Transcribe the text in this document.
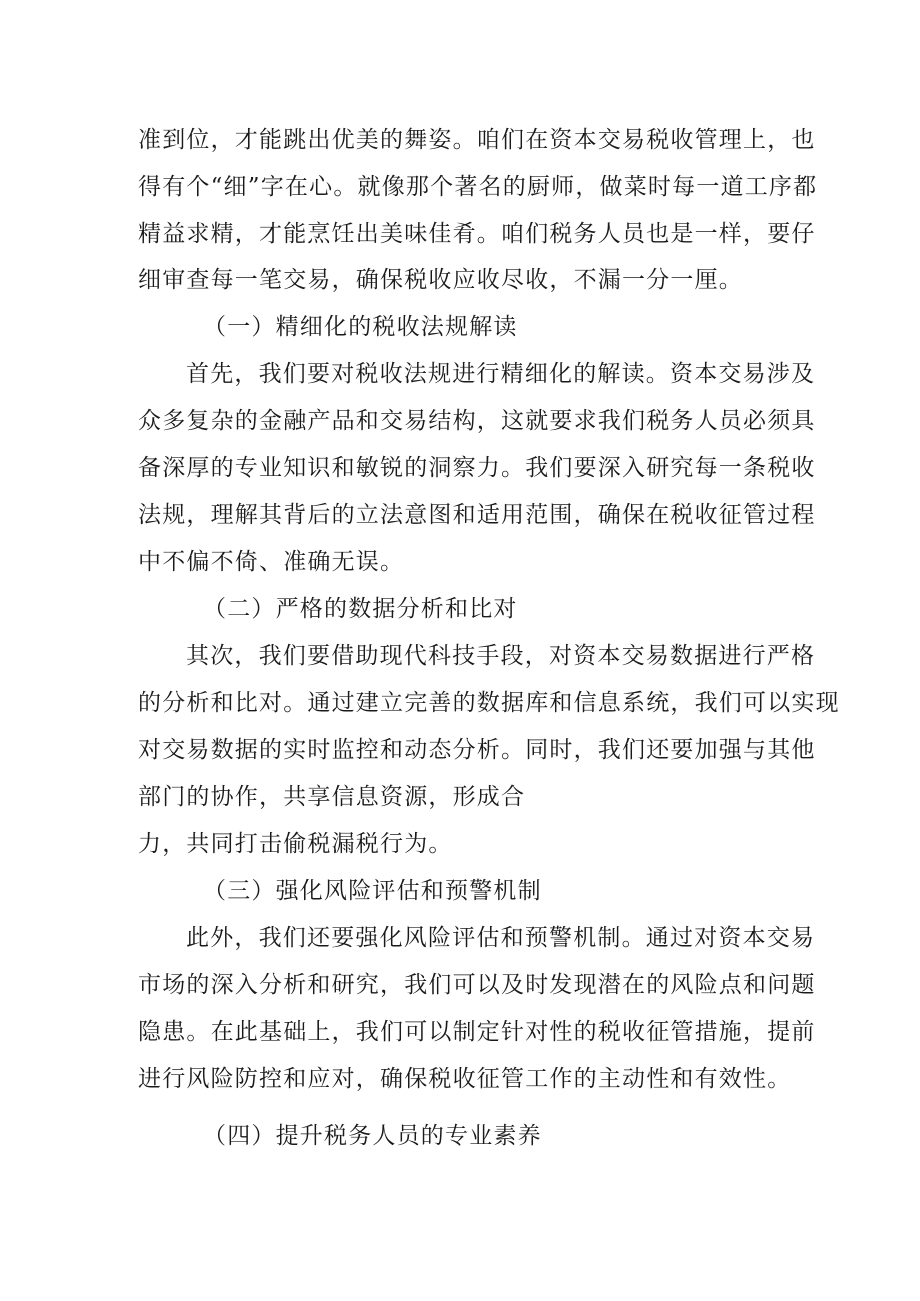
准到位，才能跳出优美的舞姿。咱们在资本交易税收管理上，也
得有个“细”字在心。就像那个著名的厨师，做菜时每一道工序都
精益求精，才能烹饪出美味佳肴。咱们税务人员也是一样，要仔
细审查每一笔交易，确保税收应收尽收，不漏一分一厘。
（一）精细化的税收法规解读
首先，我们要对税收法规进行精细化的解读。资本交易涉及
众多复杂的金融产品和交易结构，这就要求我们税务人员必须具
备深厚的专业知识和敏锐的洞察力。我们要深入研究每一条税收
法规，理解其背后的立法意图和适用范围，确保在税收征管过程
中不偏不倚、准确无误。
（二）严格的数据分析和比对
其次，我们要借助现代科技手段，对资本交易数据进行严格
的分析和比对。通过建立完善的数据库和信息系统，我们可以实现
对交易数据的实时监控和动态分析。同时，我们还要加强与其他
部门的协作，共享信息资源，形成合
力，共同打击偷税漏税行为。
（三）强化风险评估和预警机制
此外，我们还要强化风险评估和预警机制。通过对资本交易
市场的深入分析和研究，我们可以及时发现潜在的风险点和问题
隐患。在此基础上，我们可以制定针对性的税收征管措施，提前
进行风险防控和应对，确保税收征管工作的主动性和有效性。
（四）提升税务人员的专业素养
